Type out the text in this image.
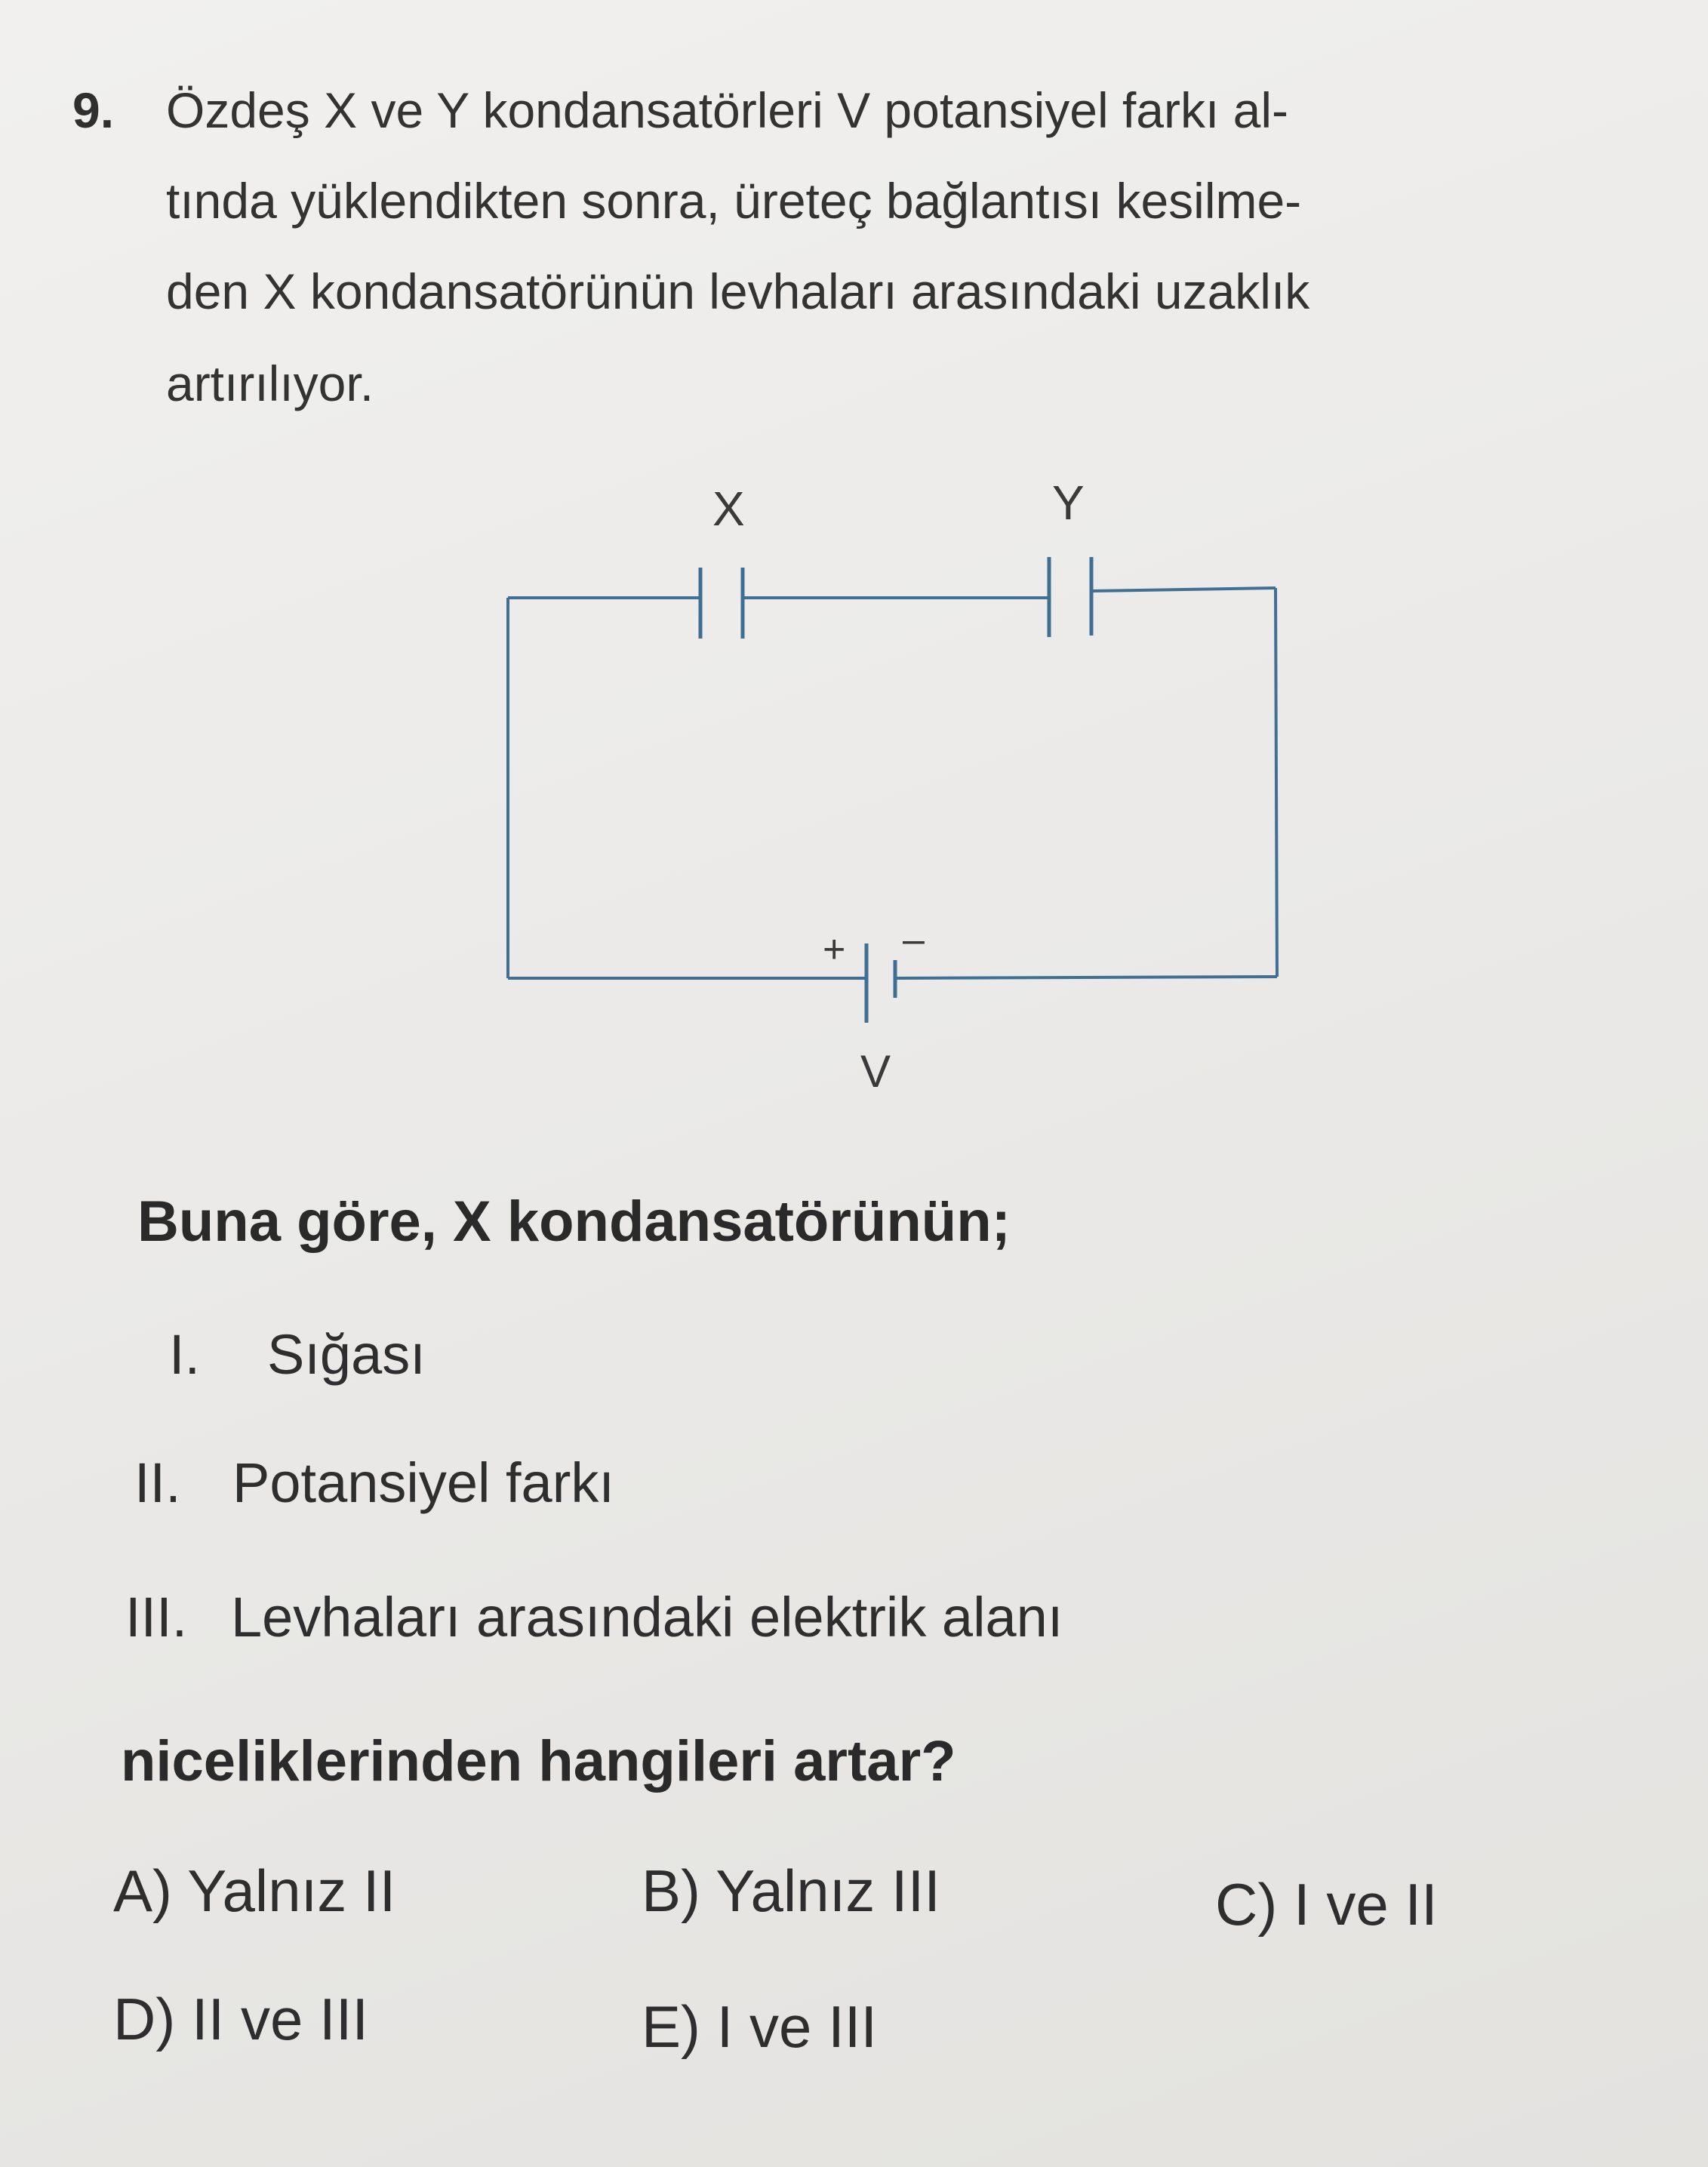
9. Özdeş X ve Y kondansatörleri V potansiyel farkı al-
tında yüklendikten sonra, üreteç bağlantısı kesilme-
den X kondansatörünün levhaları arasındaki uzaklık
artırılıyor.
X	Y
+ –
V
Buna göre, X kondansatörünün;
I. Sığası
II. Potansiyel farkı
III. Levhaları arasındaki elektrik alanı
niceliklerinden hangileri artar?
A) Yalnız II	B) Yalnız III	C) I ve II
D) II ve III	E) I ve III
